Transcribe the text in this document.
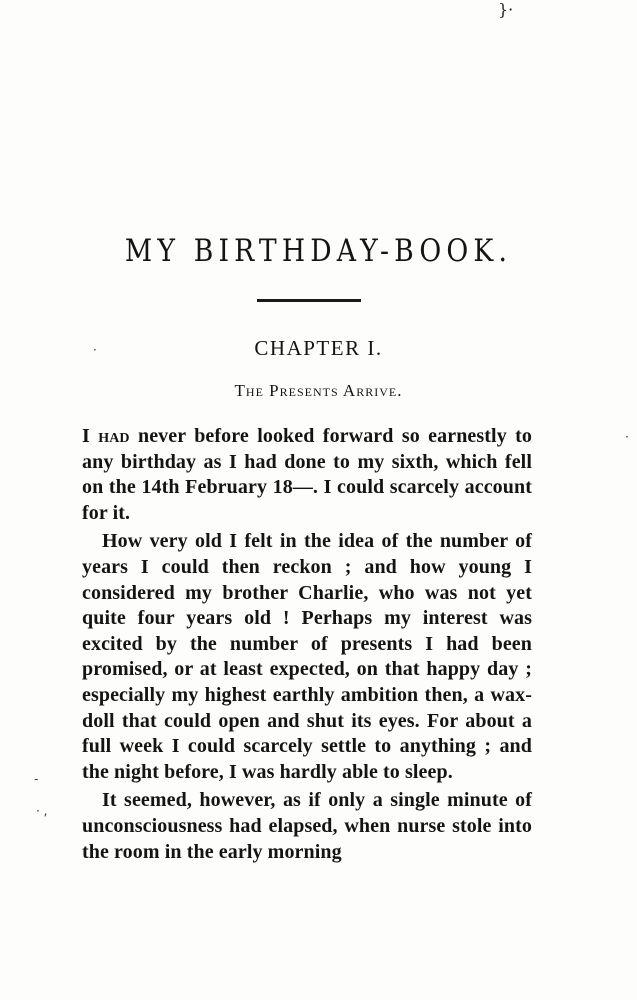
}·
MY BIRTHDAY-BOOK.
CHAPTER I.
The Presents Arrive.

I had never before looked forward so earnestly to any birthday as I had done to my sixth, which fell on the 14th February 18—. I could scarcely account for it.

How very old I felt in the idea of the number of years I could then reckon ; and how young I considered my brother Charlie, who was not yet quite four years old ! Perhaps my interest was excited by the number of presents I had been promised, or at least expected, on that happy day ; especially my highest earthly ambition then, a wax-doll that could open and shut its eyes. For about a full week I could scarcely settle to anything ; and the night before, I was hardly able to sleep.

It seemed, however, as if only a single minute of unconsciousness had elapsed, when nurse stole into the room in the early morning

·
·
-
· ,
